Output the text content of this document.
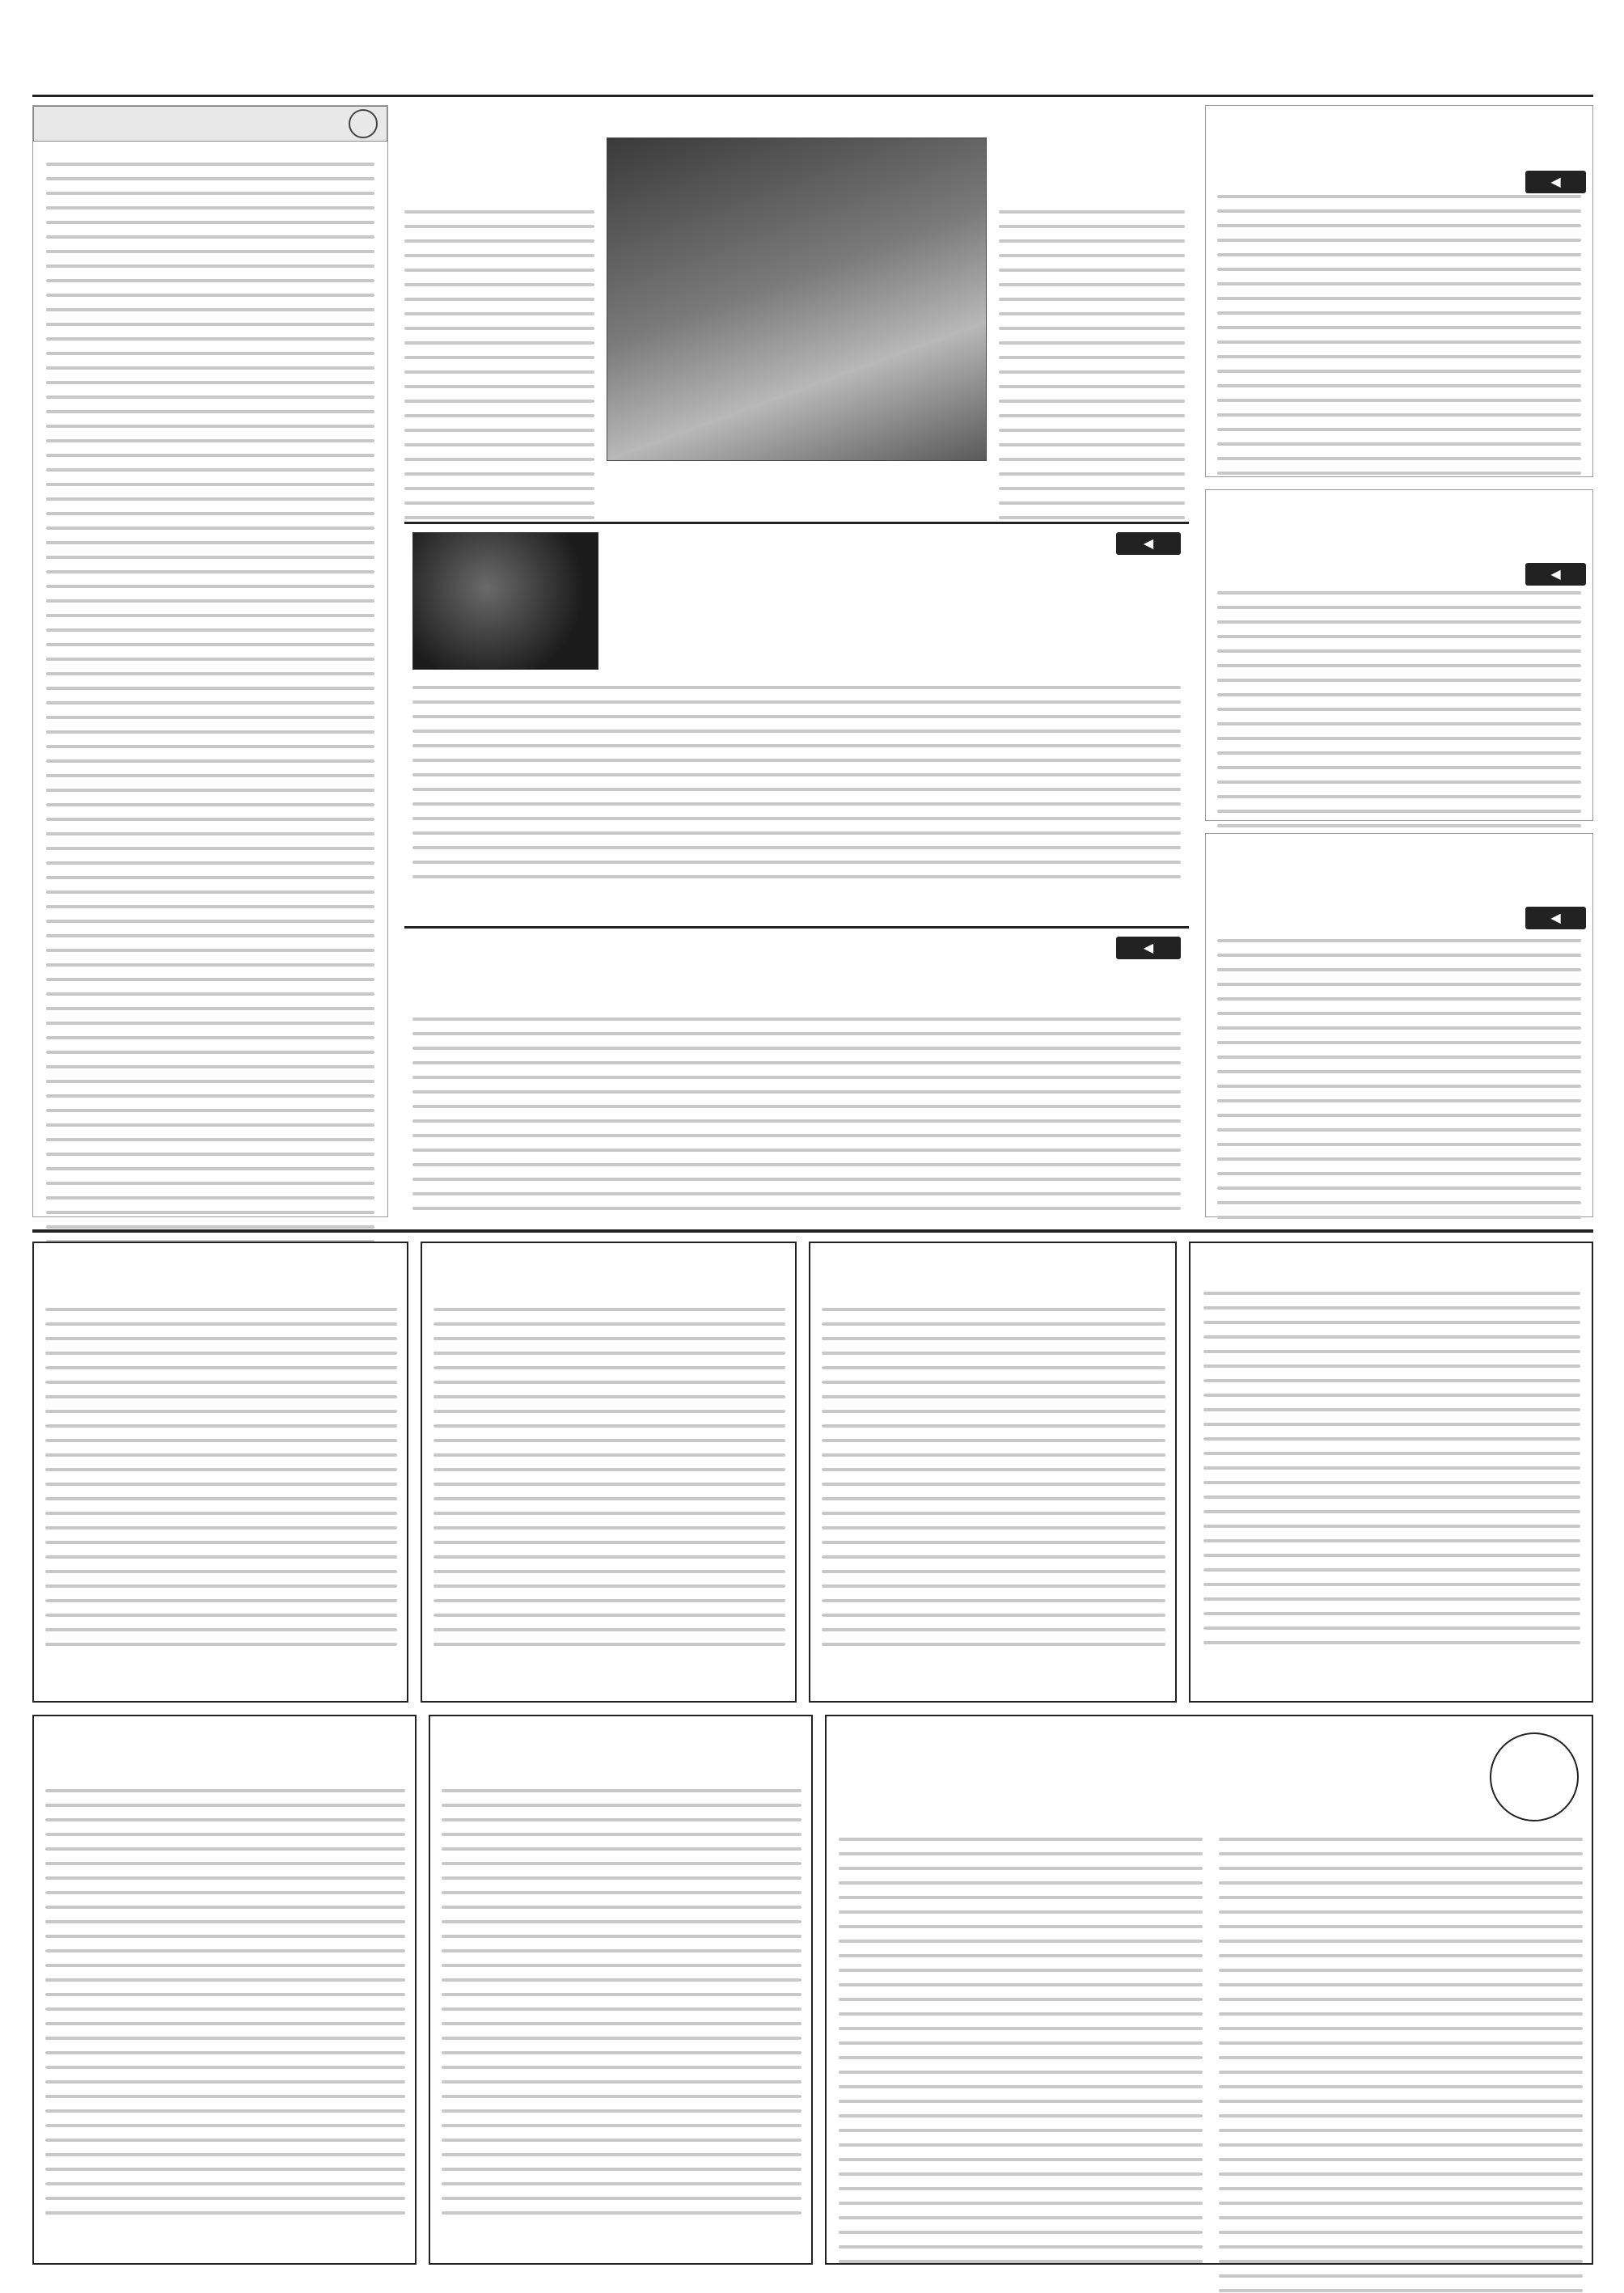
◀
◀
◀
◀
◀
